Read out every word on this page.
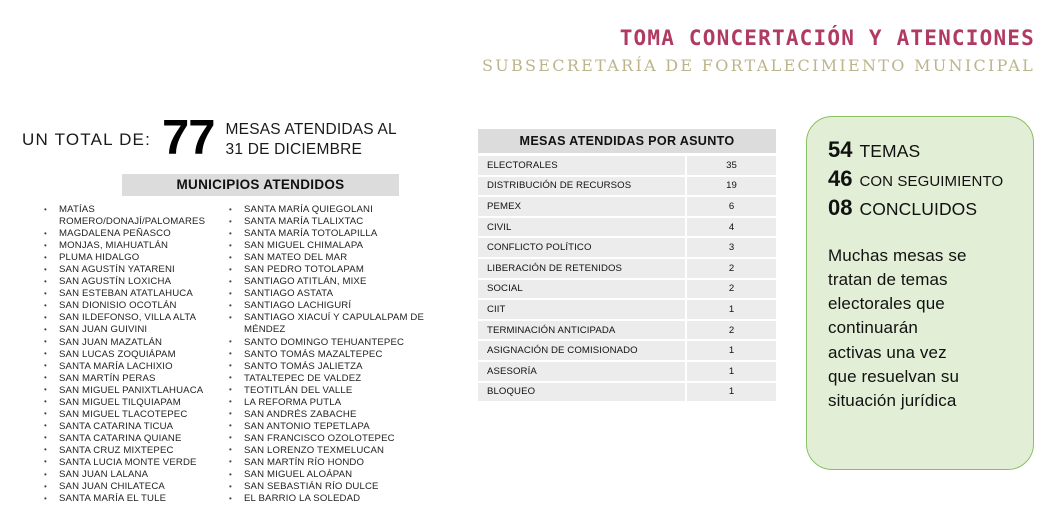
TOMA CONCERTACIÓN Y ATENCIONES
SUBSECRETARÍA DE FORTALECIMIENTO MUNICIPAL
UN TOTAL DE: 77 MESAS ATENDIDAS AL
31 DE DICIEMBRE
MUNICIPIOS ATENDIDOS
• MATÍAS ROMERO/DONAJÍ/PALOMARES
• MAGDALENA PEÑASCO
• MONJAS, MIAHUATLÁN
• PLUMA HIDALGO
• SAN AGUSTÍN YATARENI
• SAN AGUSTÍN LOXICHA
• SAN ESTEBAN ATATLAHUCA
• SAN DIONISIO OCOTLÁN
• SAN ILDEFONSO, VILLA ALTA
• SAN JUAN GUIVINI
• SAN JUAN MAZATLÁN
• SAN LUCAS ZOQUIÁPAM
• SANTA MARÍA LACHIXIO
• SAN MARTÍN PERAS
• SAN MIGUEL PANIXTLAHUACA
• SAN MIGUEL TILQUIAPAM
• SAN MIGUEL TLACOTEPEC
• SANTA CATARINA TICUA
• SANTA CATARINA QUIANE
• SANTA CRUZ MIXTEPEC
• SANTA LUCIA MONTE VERDE
• SAN JUAN LALANA
• SAN JUAN CHILATECA
• SANTA MARÍA EL TULE
• SANTA MARÍA QUIEGOLANI
• SANTA MARÍA TLALIXTAC
• SANTA MARÍA TOTOLAPILLA
• SAN MIGUEL CHIMALAPA
• SAN MATEO DEL MAR
• SAN PEDRO TOTOLAPAM
• SANTIAGO ATITLÁN, MIXE
• SANTIAGO ASTATA
• SANTIAGO LACHIGURÍ
• SANTIAGO XIACUÍ Y CAPULALPAM DE MÉNDEZ
• SANTO DOMINGO TEHUANTEPEC
• SANTO TOMÁS MAZALTEPEC
• SANTO TOMÁS JALIETZA
• TATALTEPEC DE VALDEZ
• TEOTITLÁN DEL VALLE
• LA REFORMA PUTLA
• SAN ANDRÉS ZABACHE
• SAN ANTONIO TEPETLAPA
• SAN FRANCISCO OZOLOTEPEC
• SAN LORENZO TEXMELUCAN
• SAN MARTÍN RÍO HONDO
• SAN MIGUEL ALOÁPAN
• SAN SEBASTIÁN RÍO DULCE
• EL BARRIO LA SOLEDAD
MESAS ATENDIDAS POR ASUNTO
ELECTORALES	35
DISTRIBUCIÓN DE RECURSOS	19
PEMEX	6
CIVIL	4
CONFLICTO POLÍTICO	3
LIBERACIÓN DE RETENIDOS	2
SOCIAL	2
CIIT	1
TERMINACIÓN ANTICIPADA	2
ASIGNACIÓN DE COMISIONADO	1
ASESORÍA	1
BLOQUEO	1
54 TEMAS
46 CON SEGUIMIENTO
08 CONCLUIDOS
Muchas mesas se tratan de temas electorales que continuarán activas una vez que resuelvan su situación jurídica
